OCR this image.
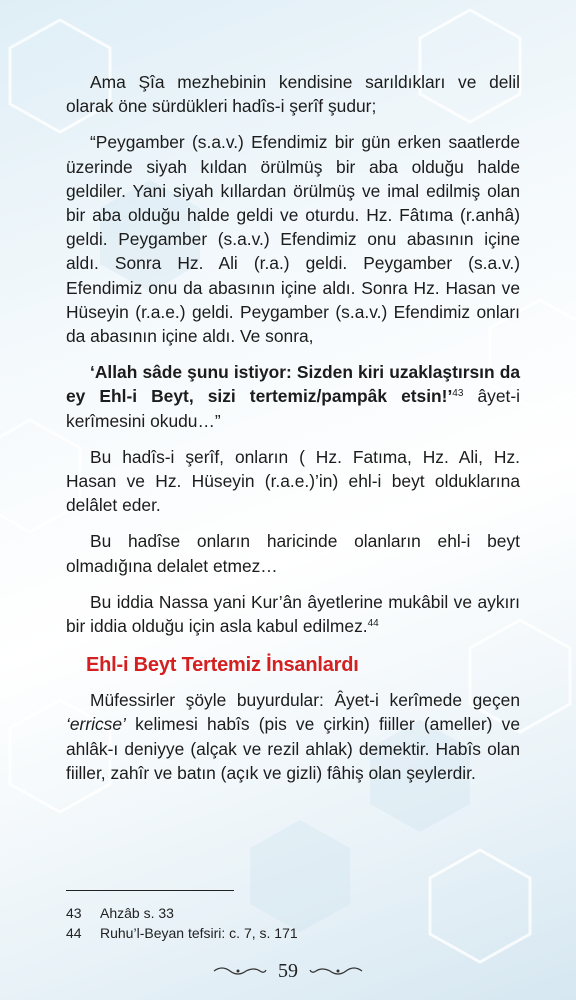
Ama Şîa mezhebinin kendisine sarıldıkları ve delil olarak öne sürdükleri hadîs-i şerîf şudur;

“Peygamber (s.a.v.) Efendimiz bir gün erken saatlerde üzerinde siyah kıldan örülmüş bir aba olduğu halde geldiler. Yani siyah kıllardan örülmüş ve imal edilmiş olan bir aba olduğu halde geldi ve oturdu. Hz. Fâtıma (r.anhâ) geldi. Peygamber (s.a.v.) Efendimiz onu abasının içine aldı. Sonra Hz. Ali (r.a.) geldi. Peygamber (s.a.v.) Efendimiz onu da abasının içine aldı. Sonra Hz. Hasan ve Hüseyin (r.a.e.) geldi. Peygamber (s.a.v.) Efendimiz onları da abasının içine aldı. Ve sonra,

‘Allah sâde şunu istiyor: Sizden kiri uzaklaştırsın da ey Ehl-i Beyt, sizi tertemiz/pampâk etsin!’$^{43}$ âyet-i kerîmesini okudu…”

Bu hadîs-i şerîf, onların ( Hz. Fatıma, Hz. Ali, Hz. Hasan ve Hz. Hüseyin (r.a.e.)’in) ehl-i beyt olduklarına delâlet eder.

Bu hadîse onların haricinde olanların ehl-i beyt olmadığına delalet etmez…

Bu iddia Nassa yani Kur’ân âyetlerine mukâbil ve aykırı bir iddia olduğu için asla kabul edilmez.$^{44}$

Ehl-i Beyt Tertemiz İnsanlardı

Müfessirler şöyle buyurdular: Âyet-i kerîmede geçen ‘erricse’ kelimesi habîs (pis ve çirkin) fiiller (ameller) ve ahlâk-ı deniyye (alçak ve rezil ahlak) demektir. Habîs olan fiiller, zahîr ve batın (açık ve gizli) fâhiş olan şeylerdir.

43	Ahzâb s. 33
44	Ruhu’l-Beyan tefsiri: c. 7, s. 171
59
